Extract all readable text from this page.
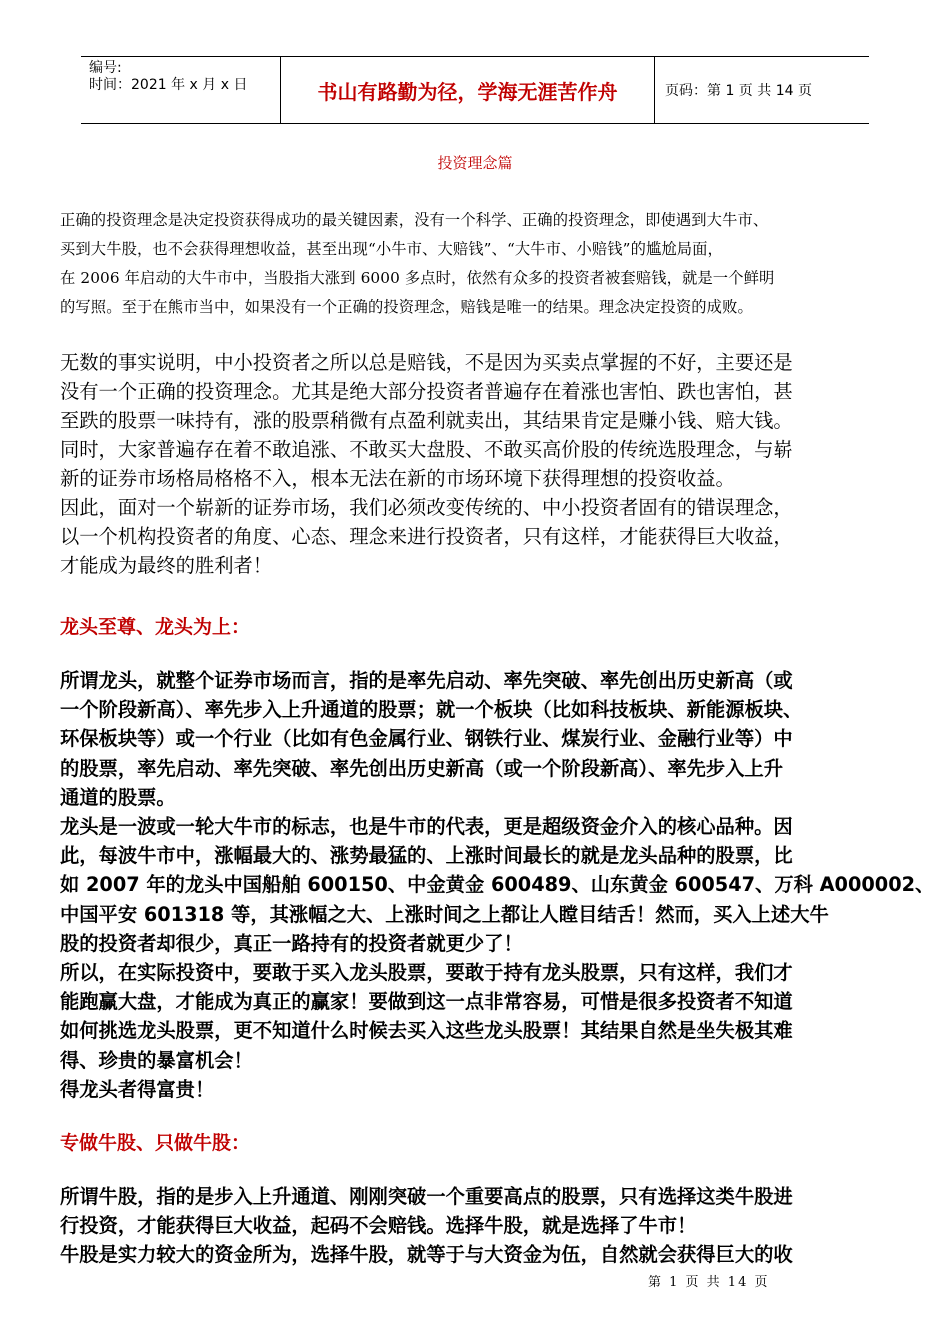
编号:
时间：2021 年 x 月 x 日	书山有路勤为径，学海无涯苦作舟	页码：第 1 页 共 14 页
投资理念篇
正确的投资理念是决定投资获得成功的最关键因素，没有一个科学、正确的投资理念，即使遇到大牛市、
买到大牛股，也不会获得理想收益，甚至出现“小牛市、大赔钱”、“大牛市、小赔钱”的尴尬局面，
在 2006 年启动的大牛市中，当股指大涨到 6000 多点时，依然有众多的投资者被套赔钱，就是一个鲜明
的写照。至于在熊市当中，如果没有一个正确的投资理念，赔钱是唯一的结果。理念决定投资的成败。
无数的事实说明，中小投资者之所以总是赔钱，不是因为买卖点掌握的不好，主要还是
没有一个正确的投资理念。尤其是绝大部分投资者普遍存在着涨也害怕、跌也害怕，甚
至跌的股票一味持有，涨的股票稍微有点盈利就卖出，其结果肯定是赚小钱、赔大钱。
同时，大家普遍存在着不敢追涨、不敢买大盘股、不敢买高价股的传统选股理念，与崭
新的证券市场格局格格不入，根本无法在新的市场环境下获得理想的投资收益。
因此，面对一个崭新的证券市场，我们必须改变传统的、中小投资者固有的错误理念，
以一个机构投资者的角度、心态、理念来进行投资者，只有这样，才能获得巨大收益，
才能成为最终的胜利者！
龙头至尊、龙头为上：
所谓龙头，就整个证券市场而言，指的是率先启动、率先突破、率先创出历史新高（或
一个阶段新高）、率先步入上升通道的股票；就一个板块（比如科技板块、新能源板块、
环保板块等）或一个行业（比如有色金属行业、钢铁行业、煤炭行业、金融行业等）中
的股票，率先启动、率先突破、率先创出历史新高（或一个阶段新高）、率先步入上升
通道的股票。
龙头是一波或一轮大牛市的标志，也是牛市的代表，更是超级资金介入的核心品种。因
此，每波牛市中，涨幅最大的、涨势最猛的、上涨时间最长的就是龙头品种的股票，比
如 2007 年的龙头中国船舶 600150、中金黄金 600489、山东黄金 600547、万科 A000002、
中国平安 601318 等，其涨幅之大、上涨时间之上都让人瞠目结舌！然而，买入上述大牛
股的投资者却很少，真正一路持有的投资者就更少了！
所以，在实际投资中，要敢于买入龙头股票，要敢于持有龙头股票，只有这样，我们才
能跑赢大盘，才能成为真正的赢家！要做到这一点非常容易，可惜是很多投资者不知道
如何挑选龙头股票，更不知道什么时候去买入这些龙头股票！其结果自然是坐失极其难
得、珍贵的暴富机会！
得龙头者得富贵！
专做牛股、只做牛股：
所谓牛股，指的是步入上升通道、刚刚突破一个重要高点的股票，只有选择这类牛股进
行投资，才能获得巨大收益，起码不会赔钱。选择牛股，就是选择了牛市！
牛股是实力较大的资金所为，选择牛股，就等于与大资金为伍，自然就会获得巨大的收
第 1 页 共 14 页
